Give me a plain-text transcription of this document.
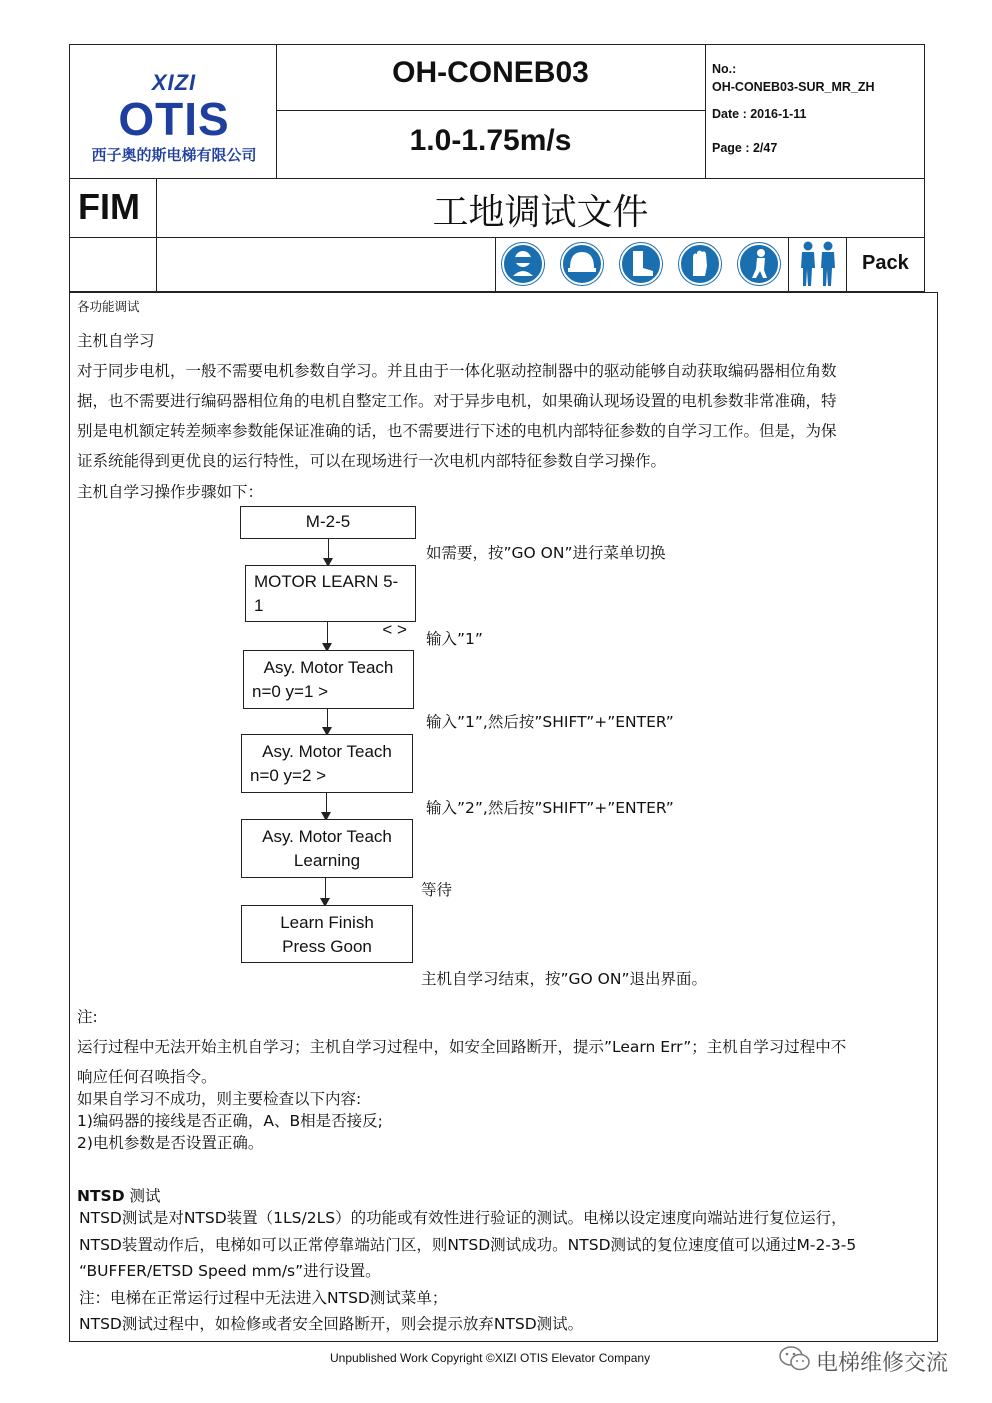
XIZI
OTIS
西子奥的斯电梯有限公司
OH-CONEB03
1.0-1.75m/s
No.:
OH-CONEB03-SUR_MR_ZH
Date : 2016-1-11
Page : 2/47
FIM	工地调试文件
Pack
各功能调试
主机自学习
对于同步电机，一般不需要电机参数自学习。并且由于一体化驱动控制器中的驱动能够自动获取编码器相位角数
据，也不需要进行编码器相位角的电机自整定工作。对于异步电机，如果确认现场设置的电机参数非常准确，特
别是电机额定转差频率参数能保证准确的话，也不需要进行下述的电机内部特征参数的自学习工作。但是，为保
证系统能得到更优良的运行特性，可以在现场进行一次电机内部特征参数自学习操作。
主机自学习操作步骤如下：
M-2-5
如需要，按”GO ON”进行菜单切换
MOTOR LEARN 5-1
< > 输入”1”
Asy. Motor Teach
n=0 y=1 >
输入”1”,然后按”SHIFT”+”ENTER”
Asy. Motor Teach
n=0 y=2 >
输入”2”,然后按”SHIFT”+”ENTER”
Asy. Motor Teach
Learning
等待
Learn Finish
Press Goon
主机自学习结束，按”GO ON”退出界面。
注:
运行过程中无法开始主机自学习；主机自学习过程中，如安全回路断开，提示”Learn Err”；主机自学习过程中不
响应任何召唤指令。
如果自学习不成功，则主要检查以下内容:
1)编码器的接线是否正确，A、B相是否接反;
2)电机参数是否设置正确。
NTSD 测试
NTSD测试是对NTSD装置（1LS/2LS）的功能或有效性进行验证的测试。电梯以设定速度向端站进行复位运行，
NTSD装置动作后，电梯如可以正常停靠端站门区，则NTSD测试成功。NTSD测试的复位速度值可以通过M-2-3-5
“BUFFER/ETSD Speed mm/s”进行设置。
注：电梯在正常运行过程中无法进入NTSD测试菜单；
NTSD测试过程中，如检修或者安全回路断开，则会提示放弃NTSD测试。
Unpublished Work Copyright ©XIZI OTIS Elevator Company	电梯维修交流
